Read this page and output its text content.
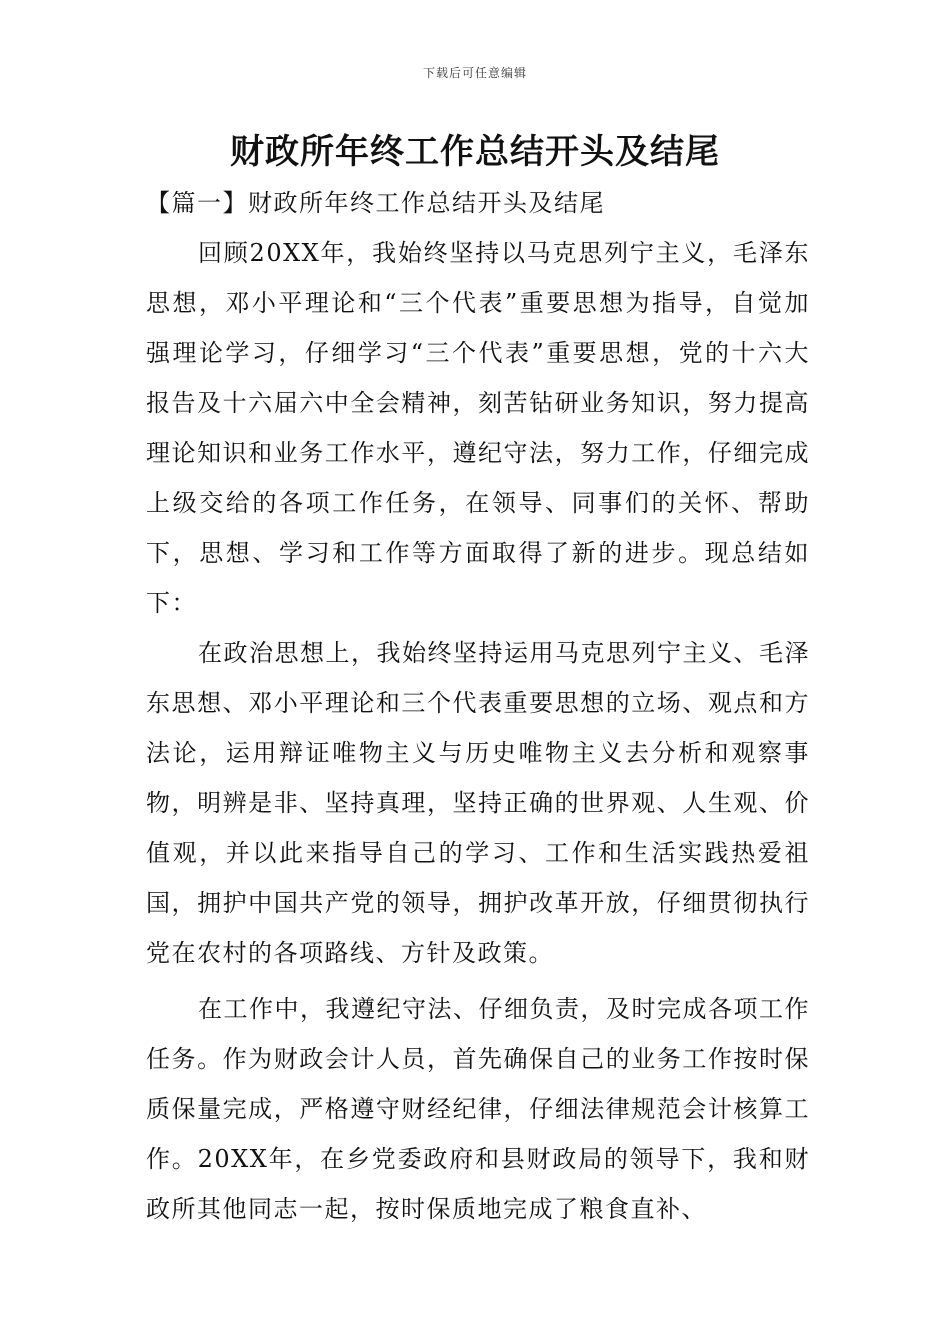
下载后可任意编辑
财政所年终工作总结开头及结尾
【篇一】财政所年终工作总结开头及结尾

回顾20XX年，我始终坚持以马克思列宁主义，毛泽东思想，邓小平理论和“三个代表”重要思想为指导，自觉加强理论学习，仔细学习“三个代表”重要思想，党的十六大报告及十六届六中全会精神，刻苦钻研业务知识，努力提高理论知识和业务工作水平，遵纪守法，努力工作，仔细完成上级交给的各项工作任务，在领导、同事们的关怀、帮助下，思想、学习和工作等方面取得了新的进步。现总结如下：

在政治思想上，我始终坚持运用马克思列宁主义、毛泽东思想、邓小平理论和三个代表重要思想的立场、观点和方法论，运用辩证唯物主义与历史唯物主义去分析和观察事物，明辨是非、坚持真理，坚持正确的世界观、人生观、价值观，并以此来指导自己的学习、工作和生活实践热爱祖国，拥护中国共产党的领导，拥护改革开放，仔细贯彻执行党在农村的各项路线、方针及政策。

在工作中，我遵纪守法、仔细负责，及时完成各项工作任务。作为财政会计人员，首先确保自己的业务工作按时保质保量完成，严格遵守财经纪律，仔细法律规范会计核算工作。20XX年，在乡党委政府和县财政局的领导下，我和财政所其他同志一起，按时保质地完成了粮食直补、
